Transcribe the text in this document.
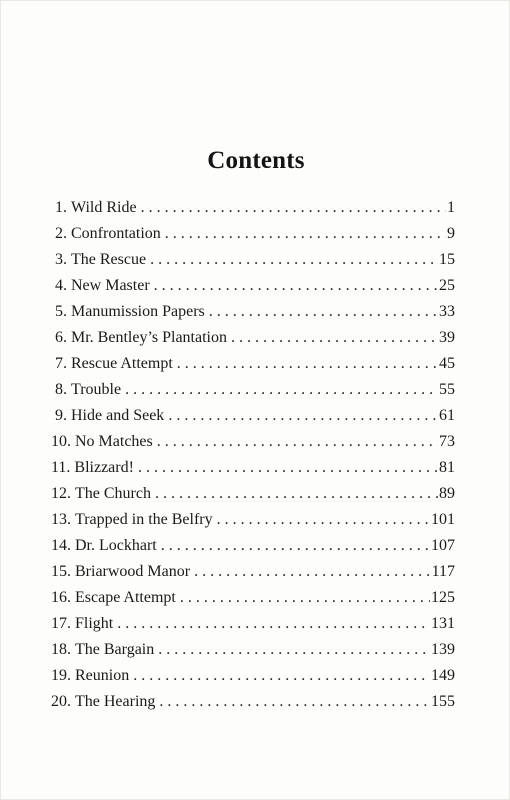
Contents
1. Wild Ride . . .	1
2. Confrontation . . .	9
3. The Rescue . . .	15
4. New Master . . .	25
5. Manumission Papers . . .	33
6. Mr. Bentley’s Plantation . . .	39
7. Rescue Attempt . . .	45
8. Trouble . . .	55
9. Hide and Seek . . .	61
10. No Matches . . .	73
11. Blizzard! . . .	81
12. The Church . . .	89
13. Trapped in the Belfry . . .	101
14. Dr. Lockhart . . .	107
15. Briarwood Manor . . .	117
16. Escape Attempt . . .	125
17. Flight . . .	131
18. The Bargain . . .	139
19. Reunion . . .	149
20. The Hearing . . .	155
